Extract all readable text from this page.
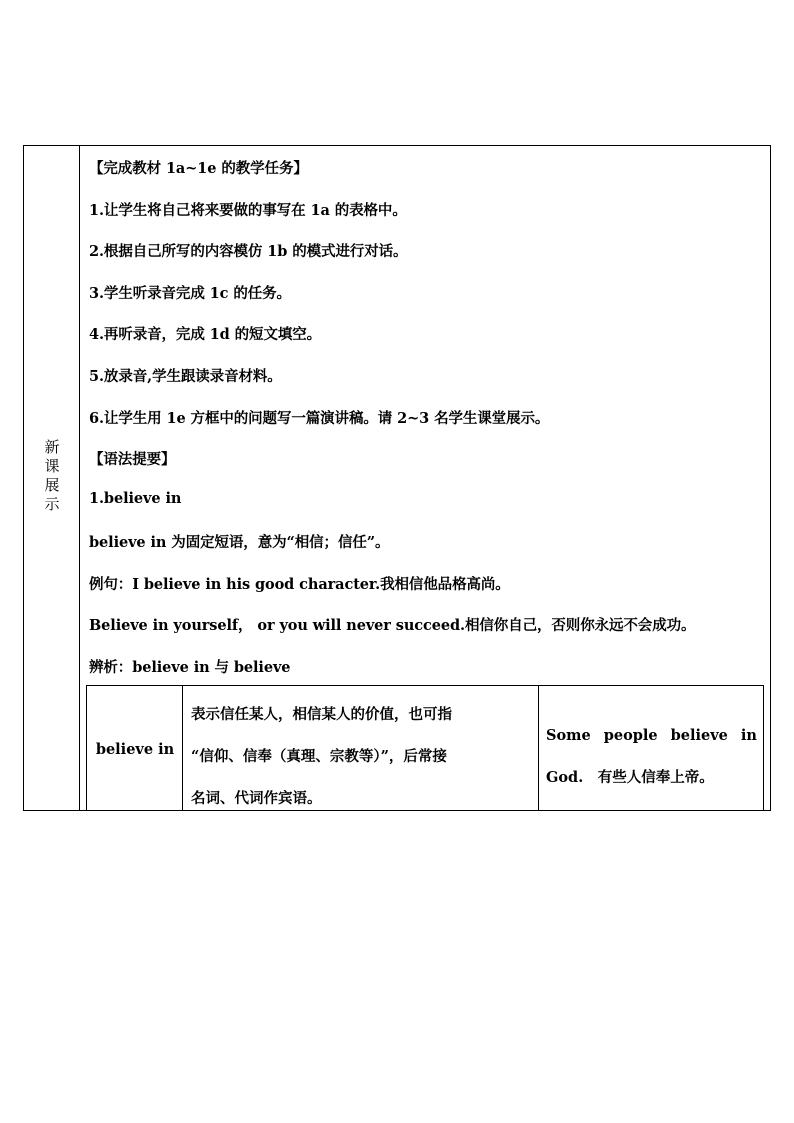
新
课
展
示
【完成教材 1a~1e 的教学任务】
1.让学生将自己将来要做的事写在 1a 的表格中。
2.根据自己所写的内容模仿 1b 的模式进行对话。
3.学生听录音完成 1c 的任务。
4.再听录音，完成 1d 的短文填空。
5.放录音,学生跟读录音材料。
6.让学生用 1e 方框中的问题写一篇演讲稿。请 2~3 名学生课堂展示。
【语法提要】
1.believe in
believe in 为固定短语，意为“相信；信任”。
例句：I believe in his good character.我相信他品格高尚。
Believe in yourself， or you will never succeed.相信你自己，否则你永远不会成功。
辨析：believe in 与 believe
believe in
表示信任某人，相信某人的价值，也可指
“信仰、信奉（真理、宗教等）”，后常接
名词、代词作宾语。
Some people believe in
God.　有些人信奉上帝。
